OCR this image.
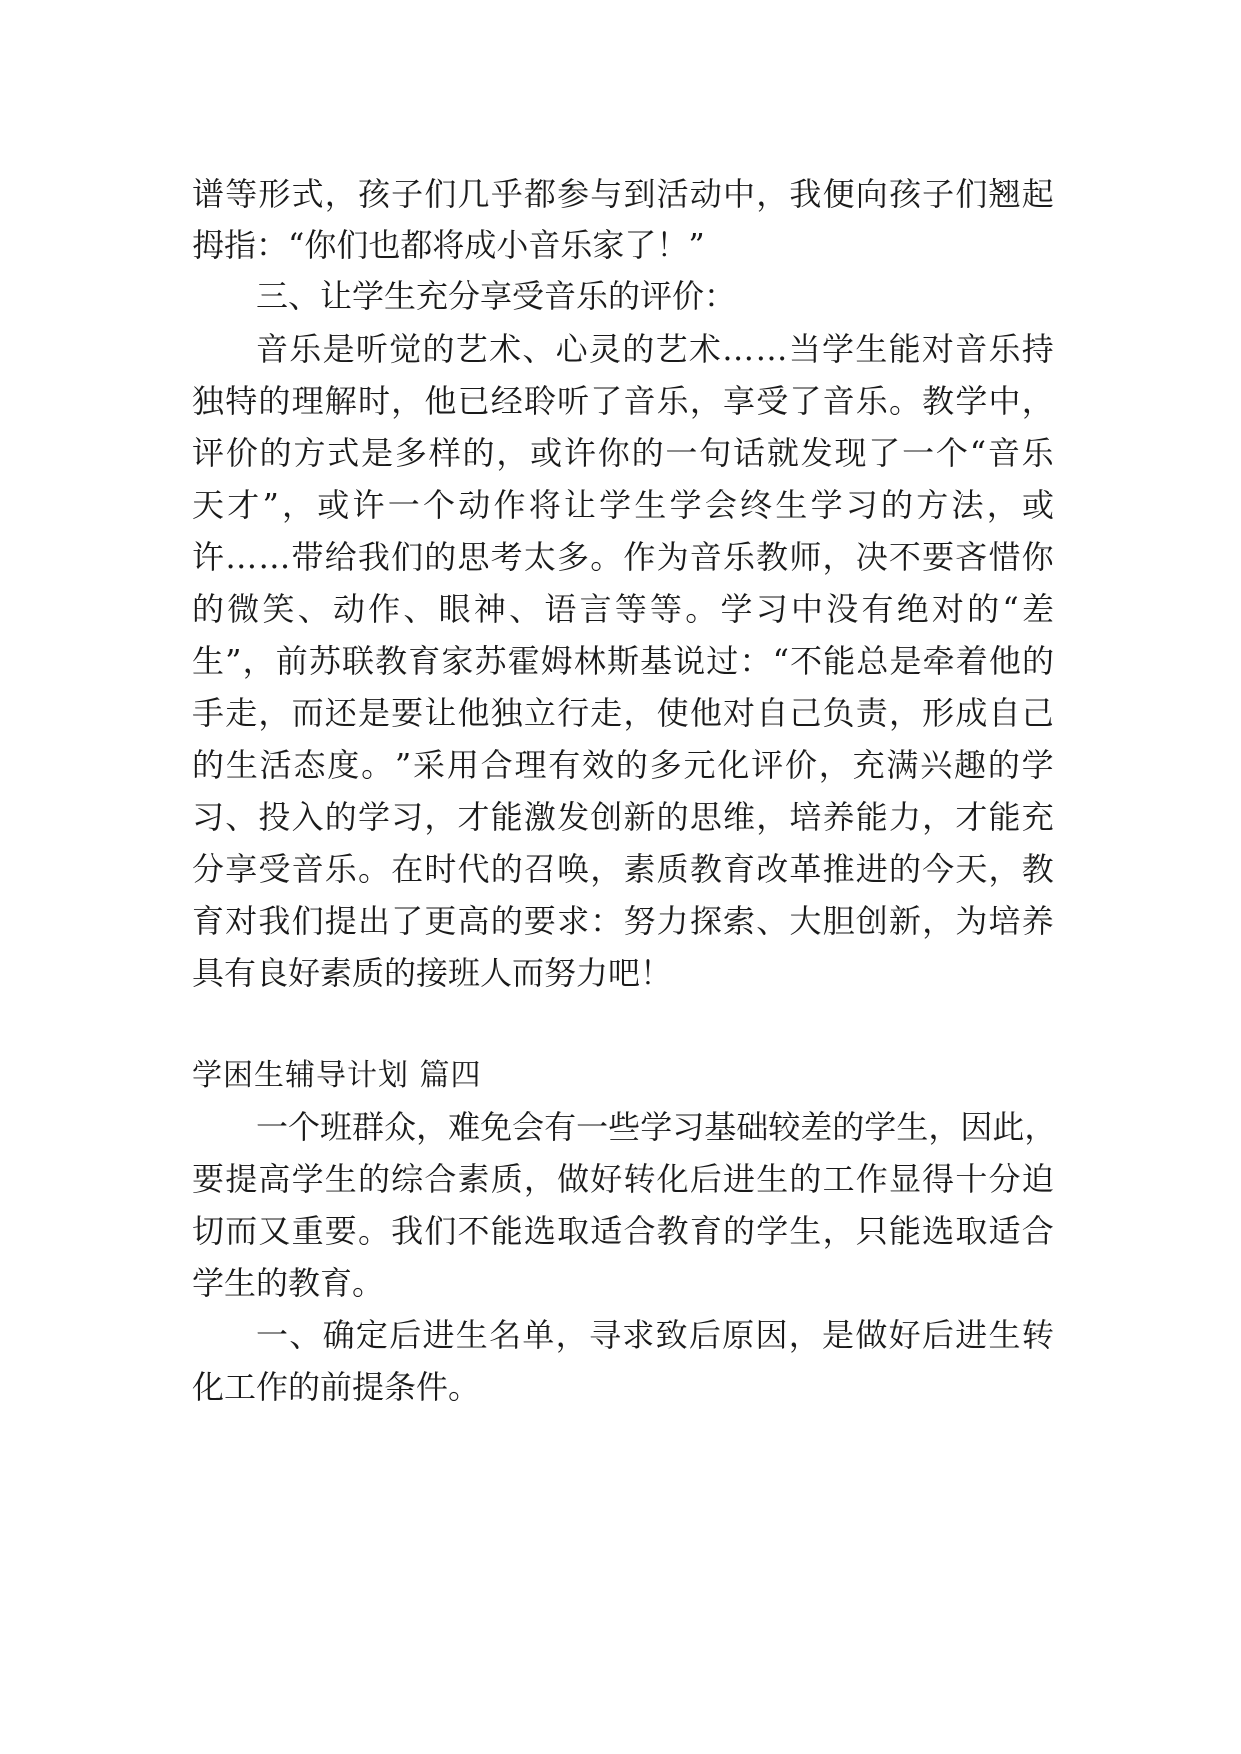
谱 等 形 式 ， 孩 子 们 几 乎 都 参 与 到 活 动 中 ， 我 便 向 孩 子 们 翘 起
拇指：“你们也都将成小音乐家了！”
三、让学生充分享受音乐的评价：
音 乐 是 听 觉 的 艺 术 、 心 灵 的 艺 术 … … 当 学 生 能 对 音 乐 持
独 特 的 理 解 时 ， 他 已 经 聆 听 了 音 乐 ， 享 受 了 音 乐 。 教 学 中 ，
评 价 的 方 式 是 多 样 的 ， 或 许 你 的 一 句 话 就 发 现 了 一 个 “ 音 乐
天 才 ” ， 或 许 一 个 动 作 将 让 学 生 学 会 终 生 学 习 的 方 法 ， 或
许 … … 带 给 我 们 的 思 考 太 多 。 作 为 音 乐 教 师 ， 决 不 要 吝 惜 你
的 微 笑 、 动 作 、 眼 神 、 语 言 等 等 。 学 习 中 没 有 绝 对 的 “ 差
生 ” ， 前 苏 联 教 育 家 苏 霍 姆 林 斯 基 说 过 ： “ 不 能 总 是 牵 着 他 的
手 走 ， 而 还 是 要 让 他 独 立 行 走 ， 使 他 对 自 己 负 责 ， 形 成 自 己
的 生 活 态 度 。 ” 采 用 合 理 有 效 的 多 元 化 评 价 ， 充 满 兴 趣 的 学
习 、 投 入 的 学 习 ， 才 能 激 发 创 新 的 思 维 ， 培 养 能 力 ， 才 能 充
分 享 受 音 乐 。 在 时 代 的 召 唤 ， 素 质 教 育 改 革 推 进 的 今 天 ， 教
育 对 我 们 提 出 了 更 高 的 要 求 ： 努 力 探 索 、 大 胆 创 新 ， 为 培 养
具有良好素质的接班人而努力吧！
学困生辅导计划 篇四
一 个 班 群 众 ， 难 免 会 有 一 些 学 习 基 础 较 差 的 学 生 ， 因 此 ，
要 提 高 学 生 的 综 合 素 质 ， 做 好 转 化 后 进 生 的 工 作 显 得 十 分 迫
切 而 又 重 要 。 我 们 不 能 选 取 适 合 教 育 的 学 生 ， 只 能 选 取 适 合
学生的教育。
一 、 确 定 后 进 生 名 单 ， 寻 求 致 后 原 因 ， 是 做 好 后 进 生 转
化工作的前提条件。
